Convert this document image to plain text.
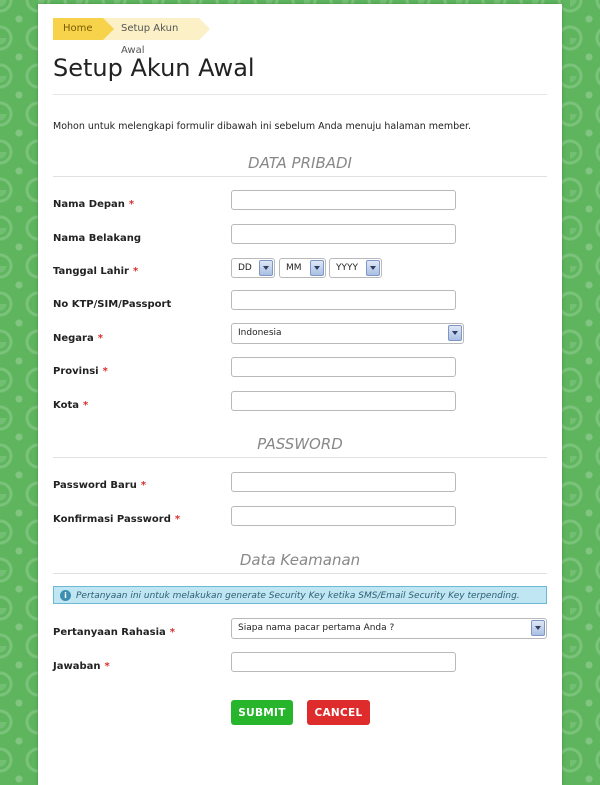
Home	Setup Akun Awal
Setup Akun Awal
Mohon untuk melengkapi formulir dibawah ini sebelum Anda menuju halaman member.
DATA PRIBADI
Nama Depan *
Nama Belakang
Tanggal Lahir *	DD	MM	YYYY
No KTP/SIM/Passport
Negara *	Indonesia
Provinsi *
Kota *
PASSWORD
Password Baru *
Konfirmasi Password *
Data Keamanan
i	Pertanyaan ini untuk melakukan generate Security Key ketika SMS/Email Security Key terpending.
Pertanyaan Rahasia *	Siapa nama pacar pertama Anda ?
Jawaban *
SUBMIT	CANCEL
